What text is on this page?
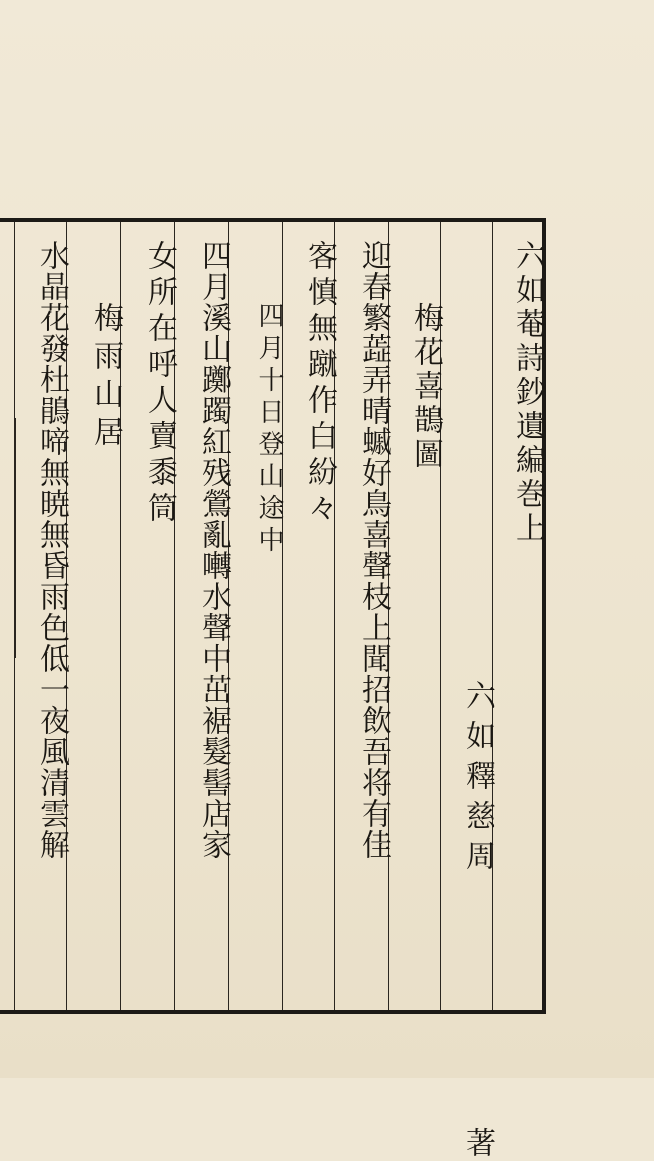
六如菴詩鈔遺編巻上
六如釋慈周
著
梅花喜鵲圖
迎春繁蕋弄晴䗩好鳥喜聲枝上聞招飲吾将有佳
客慎無蹴作白紛々
四月十日登山途中
四月溪山躑躅紅残鶯亂囀水聲中茁裾髮髻店家
女所在呼人賣黍筒
梅雨山居
水晶花發杜鵑啼無暁無昏雨色低一夜風清雲解
